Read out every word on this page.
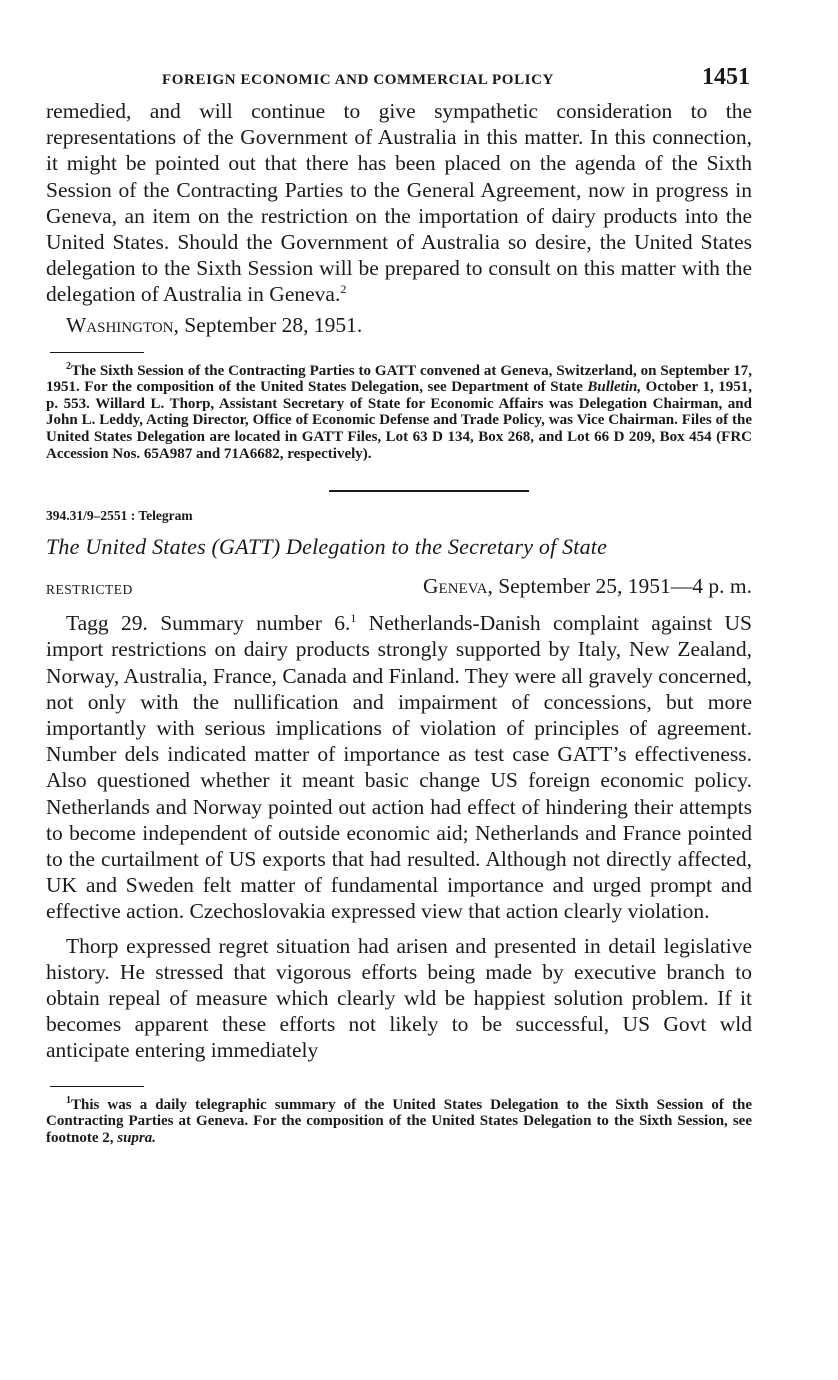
FOREIGN ECONOMIC AND COMMERCIAL POLICY	1451

remedied, and will continue to give sympathetic consideration to the representations of the Government of Australia in this matter. In this connection, it might be pointed out that there has been placed on the agenda of the Sixth Session of the Contracting Parties to the General Agreement, now in progress in Geneva, an item on the restriction on the importation of dairy products into the United States. Should the Government of Australia so desire, the United States delegation to the Sixth Session will be prepared to consult on this matter with the delegation of Australia in Geneva.$^2$

Washington, September 28, 1951.

$^2$The Sixth Session of the Contracting Parties to GATT convened at Geneva, Switzerland, on September 17, 1951. For the composition of the United States Delegation, see Department of State Bulletin, October 1, 1951, p. 553. Willard L. Thorp, Assistant Secretary of State for Economic Affairs was Delegation Chairman, and John L. Leddy, Acting Director, Office of Economic Defense and Trade Policy, was Vice Chairman. Files of the United States Delegation are located in GATT Files, Lot 63 D 134, Box 268, and Lot 66 D 209, Box 454 (FRC Accession Nos. 65A987 and 71A6682, respectively).

394.31/9–2551 : Telegram

The United States (GATT) Delegation to the Secretary of State

RESTRICTED	Geneva, September 25, 1951—4 p. m.

Tagg 29. Summary number 6.$^1$ Netherlands-Danish complaint against US import restrictions on dairy products strongly supported by Italy, New Zealand, Norway, Australia, France, Canada and Finland. They were all gravely concerned, not only with the nullification and impairment of concessions, but more importantly with serious implications of violation of principles of agreement. Number dels indicated matter of importance as test case GATT’s effectiveness. Also questioned whether it meant basic change US foreign economic policy. Netherlands and Norway pointed out action had effect of hindering their attempts to become independent of outside economic aid; Netherlands and France pointed to the curtailment of US exports that had resulted. Although not directly affected, UK and Sweden felt matter of fundamental importance and urged prompt and effective action. Czechoslovakia expressed view that action clearly violation.

Thorp expressed regret situation had arisen and presented in detail legislative history. He stressed that vigorous efforts being made by executive branch to obtain repeal of measure which clearly wld be happiest solution problem. If it becomes apparent these efforts not likely to be successful, US Govt wld anticipate entering immediately

$^1$This was a daily telegraphic summary of the United States Delegation to the Sixth Session of the Contracting Parties at Geneva. For the composition of the United States Delegation to the Sixth Session, see footnote 2, supra.
